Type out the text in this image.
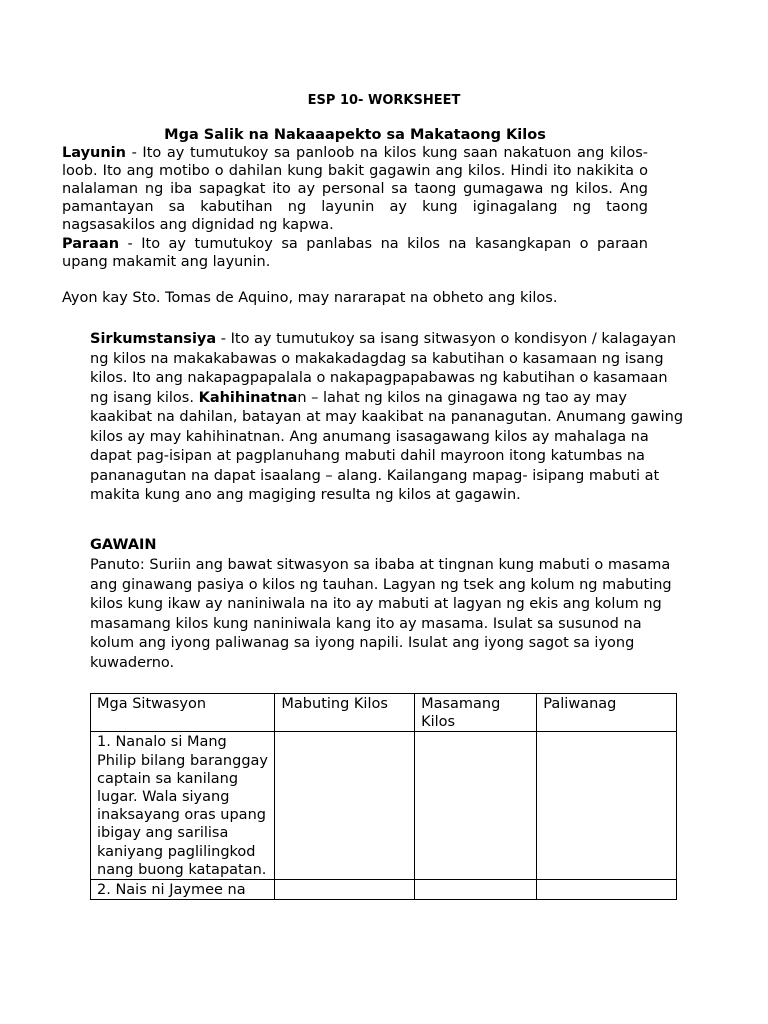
ESP 10- WORKSHEET
Mga Salik na Nakaaapekto sa Makataong Kilos

Layunin - Ito ay tumutukoy sa panloob na kilos kung saan nakatuon ang kilos-loob. Ito ang motibo o dahilan kung bakit gagawin ang kilos. Hindi ito nakikita o nalalaman ng iba sapagkat ito ay personal sa taong gumagawa ng kilos. Ang pamantayan sa kabutihan ng layunin ay kung iginagalang ng taong nagsasakilos ang dignidad ng kapwa.

Paraan - Ito ay tumutukoy sa panlabas na kilos na kasangkapan o paraan upang makamit ang layunin.

Ayon kay Sto. Tomas de Aquino, may nararapat na obheto ang kilos.

Sirkumstansiya - Ito ay tumutukoy sa isang sitwasyon o kondisyon / kalagayan ng kilos na makakabawas o makakadagdag sa kabutihan o kasamaan ng isang kilos. Ito ang nakapagpapalala o nakapagpapabawas ng kabutihan o kasamaan ng isang kilos. Kahihinatnan – lahat ng kilos na ginagawa ng tao ay may kaakibat na dahilan, batayan at may kaakibat na pananagutan. Anumang gawing kilos ay may kahihinatnan. Ang anumang isasagawang kilos ay mahalaga na dapat pag-isipan at pagplanuhang mabuti dahil mayroon itong katumbas na pananagutan na dapat isaalang – alang. Kailangang mapag- isipang mabuti at makita kung ano ang magiging resulta ng kilos at gagawin.

GAWAIN

Panuto: Suriin ang bawat sitwasyon sa ibaba at tingnan kung mabuti o masama ang ginawang pasiya o kilos ng tauhan. Lagyan ng tsek ang kolum ng mabuting kilos kung ikaw ay naniniwala na ito ay mabuti at lagyan ng ekis ang kolum ng masamang kilos kung naniniwala kang ito ay masama. Isulat sa susunod na kolum ang iyong paliwanag sa iyong napili. Isulat ang iyong sagot sa iyong kuwaderno.

Mga Sitwasyon	Mabuting Kilos	Masamang Kilos	Paliwanag
1. Nanalo si Mang Philip bilang baranggay captain sa kanilang lugar. Wala siyang inaksayang oras upang ibigay ang sarilisa kaniyang paglilingkod nang buong katapatan.			
2. Nais ni Jaymee na			
